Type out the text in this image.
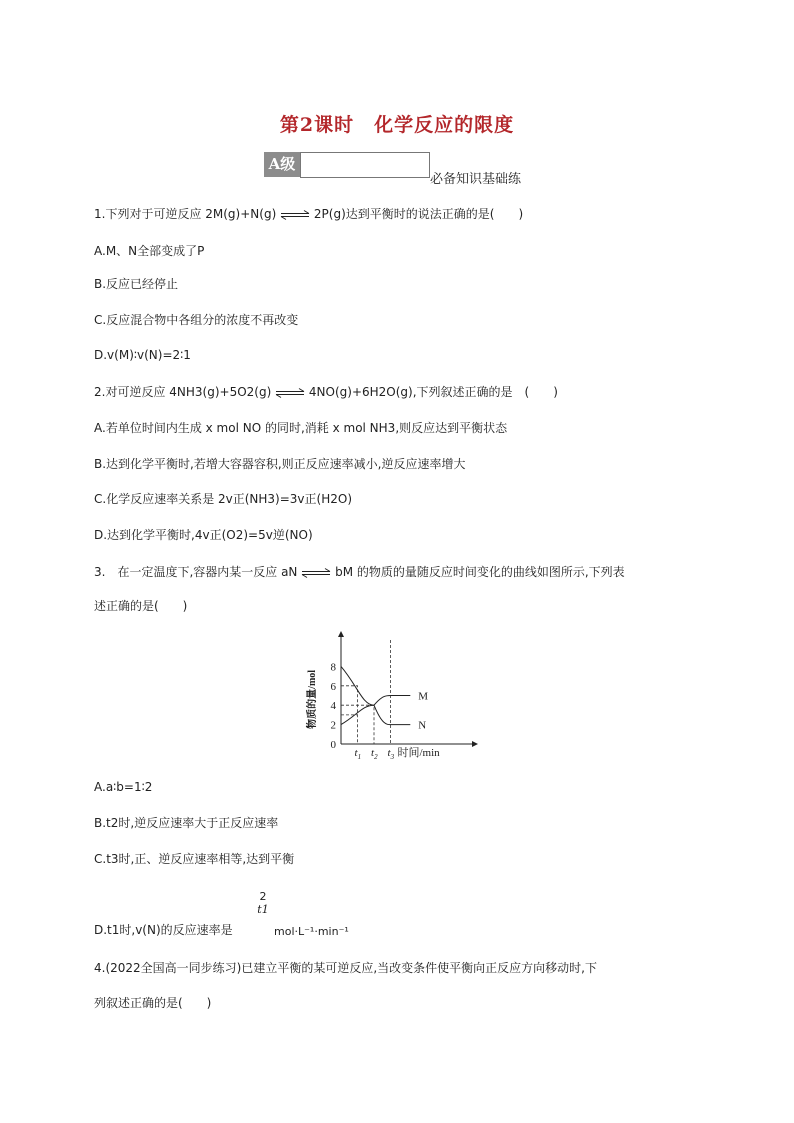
第2课时　化学反应的限度
A级
必备知识基础练
1.下列对于可逆反应 2M(g)+N(g) ⇌ 2P(g)达到平衡时的说法正确的是(　　)
A.M、N全部变成了P
B.反应已经停止
C.反应混合物中各组分的浓度不再改变
D.v(M)∶v(N)=2∶1
2.对可逆反应 4NH3(g)+5O2(g) ⇌ 4NO(g)+6H2O(g),下列叙述正确的是　(　　)
A.若单位时间内生成 x mol NO 的同时,消耗 x mol NH3,则反应达到平衡状态
B.达到化学平衡时,若增大容器容积,则正反应速率减小,逆反应速率增大
C.化学反应速率关系是 2v正(NH3)=3v正(H2O)
D.达到化学平衡时,4v正(O2)=5v逆(NO)
3.　在一定温度下,容器内某一反应 aN ⇌ bM 的物质的量随反应时间变化的曲线如图所示,下列表
述正确的是(　　)
0
2
4
6
8
物质的量/mol
$t_1$ $t_2$ $t_3$ 时间/min
N
M
A.a∶b=1∶2
B.t2时,逆反应速率大于正反应速率
C.t3时,正、逆反应速率相等,达到平衡
D.t1时,v(N)的反应速率是
2
t1
mol·L⁻¹·min⁻¹
4.(2022全国高一同步练习)已建立平衡的某可逆反应,当改变条件使平衡向正反应方向移动时,下
列叙述正确的是(　　)
